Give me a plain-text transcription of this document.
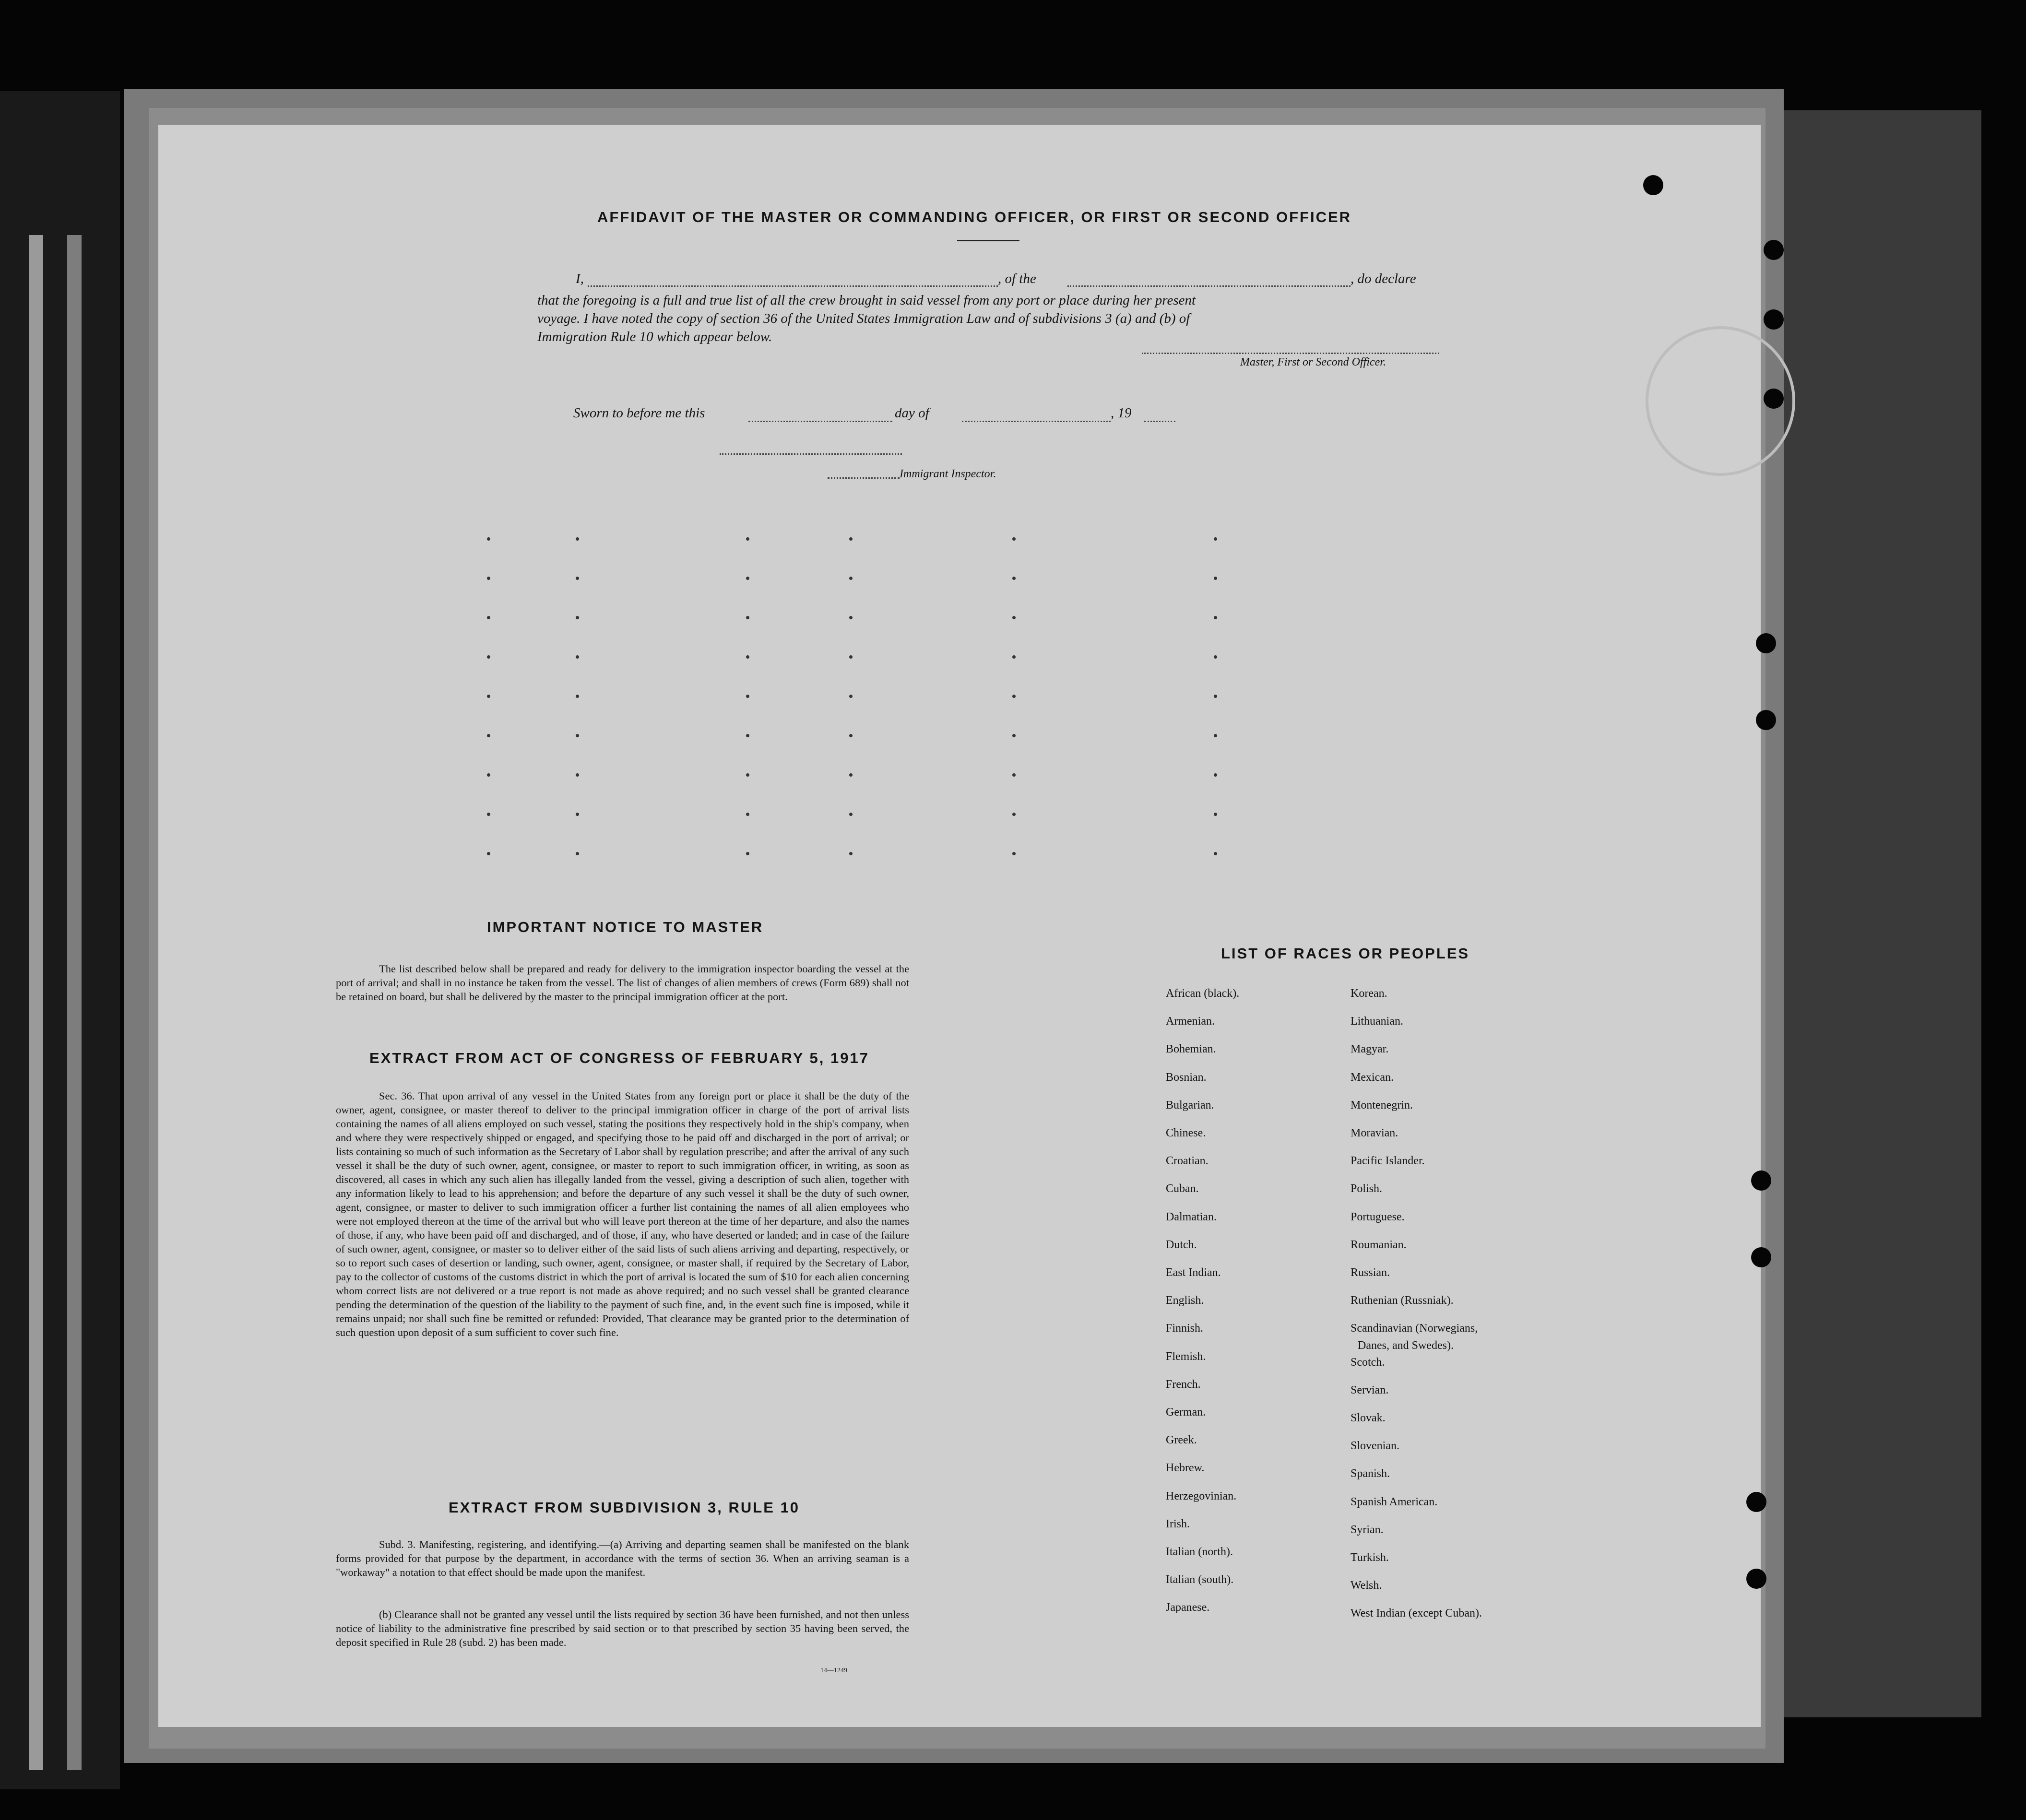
AFFIDAVIT OF THE MASTER OR COMMANDING OFFICER, OR FIRST OR SECOND OFFICER
I,	, of the	, do declare
that the foregoing is a full and true list of all the crew brought in said vessel from any port or place during her present
voyage. I have noted the copy of section 36 of the United States Immigration Law and of subdivisions 3 (a) and (b) of
Immigration Rule 10 which appear below.
Master, First or Second Officer.
Sworn to before me this	day of	, 19
Immigrant Inspector.
IMPORTANT NOTICE TO MASTER
The list described below shall be prepared and ready for delivery to the immigration inspector boarding the vessel at the port of arrival; and shall in no instance be taken from the vessel. The list of changes of alien members of crews (Form 689) shall not be retained on board, but shall be delivered by the master to the principal immigration officer at the port.
EXTRACT FROM ACT OF CONGRESS OF FEBRUARY 5, 1917
Sec. 36. That upon arrival of any vessel in the United States from any foreign port or place it shall be the duty of the owner, agent, consignee, or master thereof to deliver to the principal immigration officer in charge of the port of arrival lists containing the names of all aliens employed on such vessel, stating the positions they respectively hold in the ship's company, when and where they were respectively shipped or engaged, and specifying those to be paid off and discharged in the port of arrival; or lists containing so much of such information as the Secretary of Labor shall by regulation prescribe; and after the arrival of any such vessel it shall be the duty of such owner, agent, consignee, or master to report to such immigration officer, in writing, as soon as discovered, all cases in which any such alien has illegally landed from the vessel, giving a description of such alien, together with any information likely to lead to his apprehension; and before the departure of any such vessel it shall be the duty of such owner, agent, consignee, or master to deliver to such immigration officer a further list containing the names of all alien employees who were not employed thereon at the time of the arrival but who will leave port thereon at the time of her departure, and also the names of those, if any, who have been paid off and discharged, and of those, if any, who have deserted or landed; and in case of the failure of such owner, agent, consignee, or master so to deliver either of the said lists of such aliens arriving and departing, respectively, or so to report such cases of desertion or landing, such owner, agent, consignee, or master shall, if required by the Secretary of Labor, pay to the collector of customs of the customs district in which the port of arrival is located the sum of $10 for each alien concerning whom correct lists are not delivered or a true report is not made as above required; and no such vessel shall be granted clearance pending the determination of the question of the liability to the payment of such fine, and, in the event such fine is imposed, while it remains unpaid; nor shall such fine be remitted or refunded: Provided, That clearance may be granted prior to the determination of such question upon deposit of a sum sufficient to cover such fine.
EXTRACT FROM SUBDIVISION 3, RULE 10
Subd. 3. Manifesting, registering, and identifying.—(a) Arriving and departing seamen shall be manifested on the blank forms provided for that purpose by the department, in accordance with the terms of section 36. When an arriving seaman is a "workaway" a notation to that effect should be made upon the manifest.
(b) Clearance shall not be granted any vessel until the lists required by section 36 have been furnished, and not then unless notice of liability to the administrative fine prescribed by said section or to that prescribed by section 35 having been served, the deposit specified in Rule 28 (subd. 2) has been made.
14—1249
LIST OF RACES OR PEOPLES
African (black).
Armenian.
Bohemian.
Bosnian.
Bulgarian.
Chinese.
Croatian.
Cuban.
Dalmatian.
Dutch.
East Indian.
English.
Finnish.
Flemish.
French.
German.
Greek.
Hebrew.
Herzegovinian.
Irish.
Italian (north).
Italian (south).
Japanese.
Korean.
Lithuanian.
Magyar.
Mexican.
Montenegrin.
Moravian.
Pacific Islander.
Polish.
Portuguese.
Roumanian.
Russian.
Ruthenian (Russniak).
Scandinavian (Norwegians,
Scotch.
Servian.
Slovak.
Slovenian.
Spanish.
Spanish American.
Syrian.
Turkish.
Welsh.
West Indian (except Cuban).
Danes, and Swedes).
